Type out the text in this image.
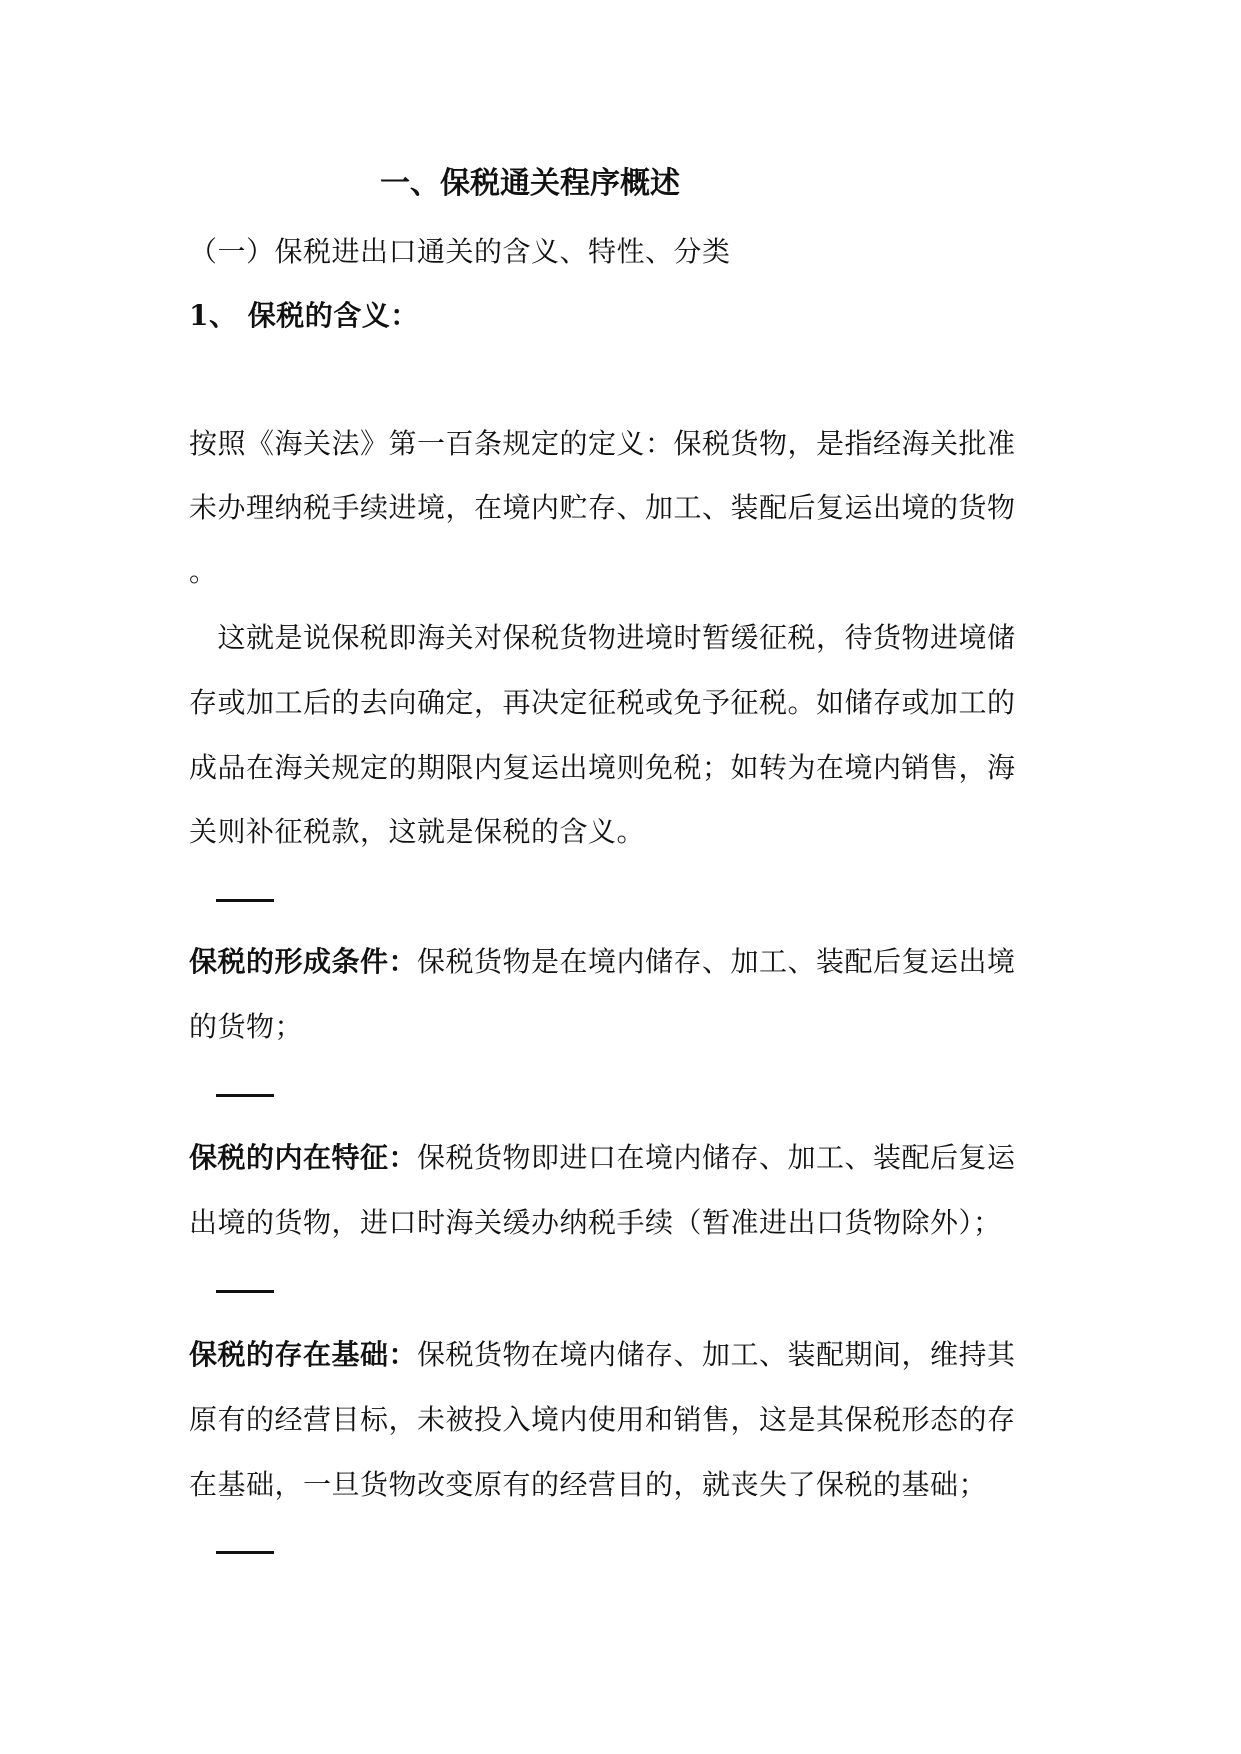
一、保税通关程序概述
（一）保税进出口通关的含义、特性、分类
1、 保税的含义：
按照《海关法》第一百条规定的定义：保税货物，是指经海关批准
未办理纳税手续进境，在境内贮存、加工、装配后复运出境的货物
。
　这就是说保税即海关对保税货物进境时暂缓征税，待货物进境储
存或加工后的去向确定，再决定征税或免予征税。如储存或加工的
成品在海关规定的期限内复运出境则免税；如转为在境内销售，海
关则补征税款，这就是保税的含义。
保税的形成条件：保税货物是在境内储存、加工、装配后复运出境
的货物；
保税的内在特征：保税货物即进口在境内储存、加工、装配后复运
出境的货物，进口时海关缓办纳税手续（暂准进出口货物除外）；
保税的存在基础：保税货物在境内储存、加工、装配期间，维持其
原有的经营目标，未被投入境内使用和销售，这是其保税形态的存
在基础，一旦货物改变原有的经营目的，就丧失了保税的基础；
